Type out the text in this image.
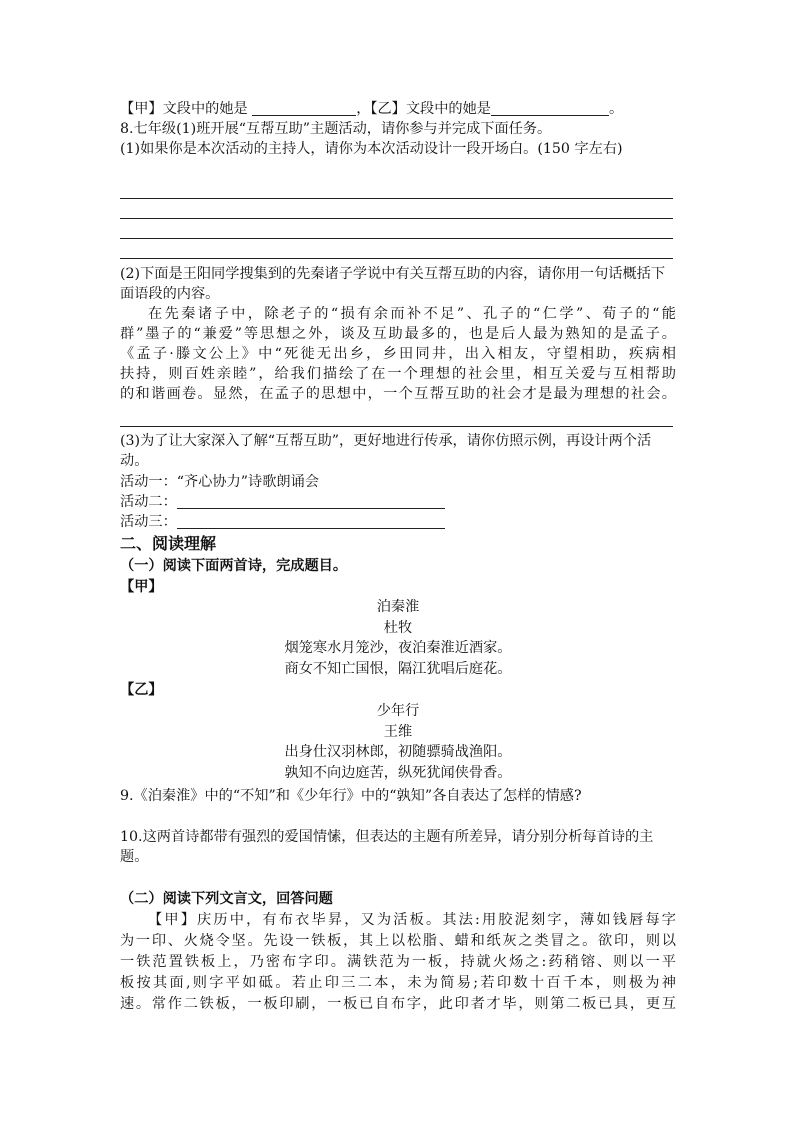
【甲】文段中的她是	，【乙】文段中的她是	。
8.七年级(1)班开展“互帮互助”主题活动，请你参与并完成下面任务。
(1)如果你是本次活动的主持人，请你为本次活动设计一段开场白。(150 字左右)
(2)下面是王阳同学搜集到的先秦诸子学说中有关互帮互助的内容，请你用一句话概括下面语段的内容。
在先秦诸子中，除老子的“损有余而补不足”、孔子的“仁学”、荀子的“能
群”墨子的“兼爱”等思想之外，谈及互助最多的，也是后人最为熟知的是孟子。
《孟子·滕文公上》中“死徙无出乡，乡田同井，出入相友，守望相助，疾病相
扶持，则百姓亲睦”，给我们描绘了在一个理想的社会里，相互关爱与互相帮助
的和谐画卷。显然，在孟子的思想中，一个互帮互助的社会才是最为理想的社会。
(3)为了让大家深入了解“互帮互助”，更好地进行传承，请你仿照示例，再设计两个活动。
活动一：“齐心协力”诗歌朗诵会
活动二：
活动三：
二、阅读理解
（一）阅读下面两首诗，完成题目。
【甲】
泊秦淮
杜牧
烟笼寒水月笼沙，夜泊秦淮近酒家。
商女不知亡国恨，隔江犹唱后庭花。
【乙】
少年行
王维
出身仕汉羽林郎，初随骠骑战渔阳。
孰知不向边庭苦，纵死犹闻侠骨香。
9.《泊秦淮》中的“不知”和《少年行》中的“孰知”各自表达了怎样的情感?
10.这两首诗都带有强烈的爱国情愫，但表达的主题有所差异，请分别分析每首诗的主题。
（二）阅读下列文言文，回答问题
【甲】庆历中，有布衣毕昇，又为活板。其法:用胶泥刻字，薄如钱唇每字
为一印、火烧令坚。先设一铁板，其上以松脂、蜡和纸灰之类冒之。欲印，则以
一铁范置铁板上，乃密布字印。满铁范为一板，持就火炀之:药稍镕、则以一平
板按其面,则字平如砥。若止印三二本，未为简易;若印数十百千本，则极为神
速。常作二铁板，一板印刷，一板已自布字，此印者才毕，则第二板已具，更互
